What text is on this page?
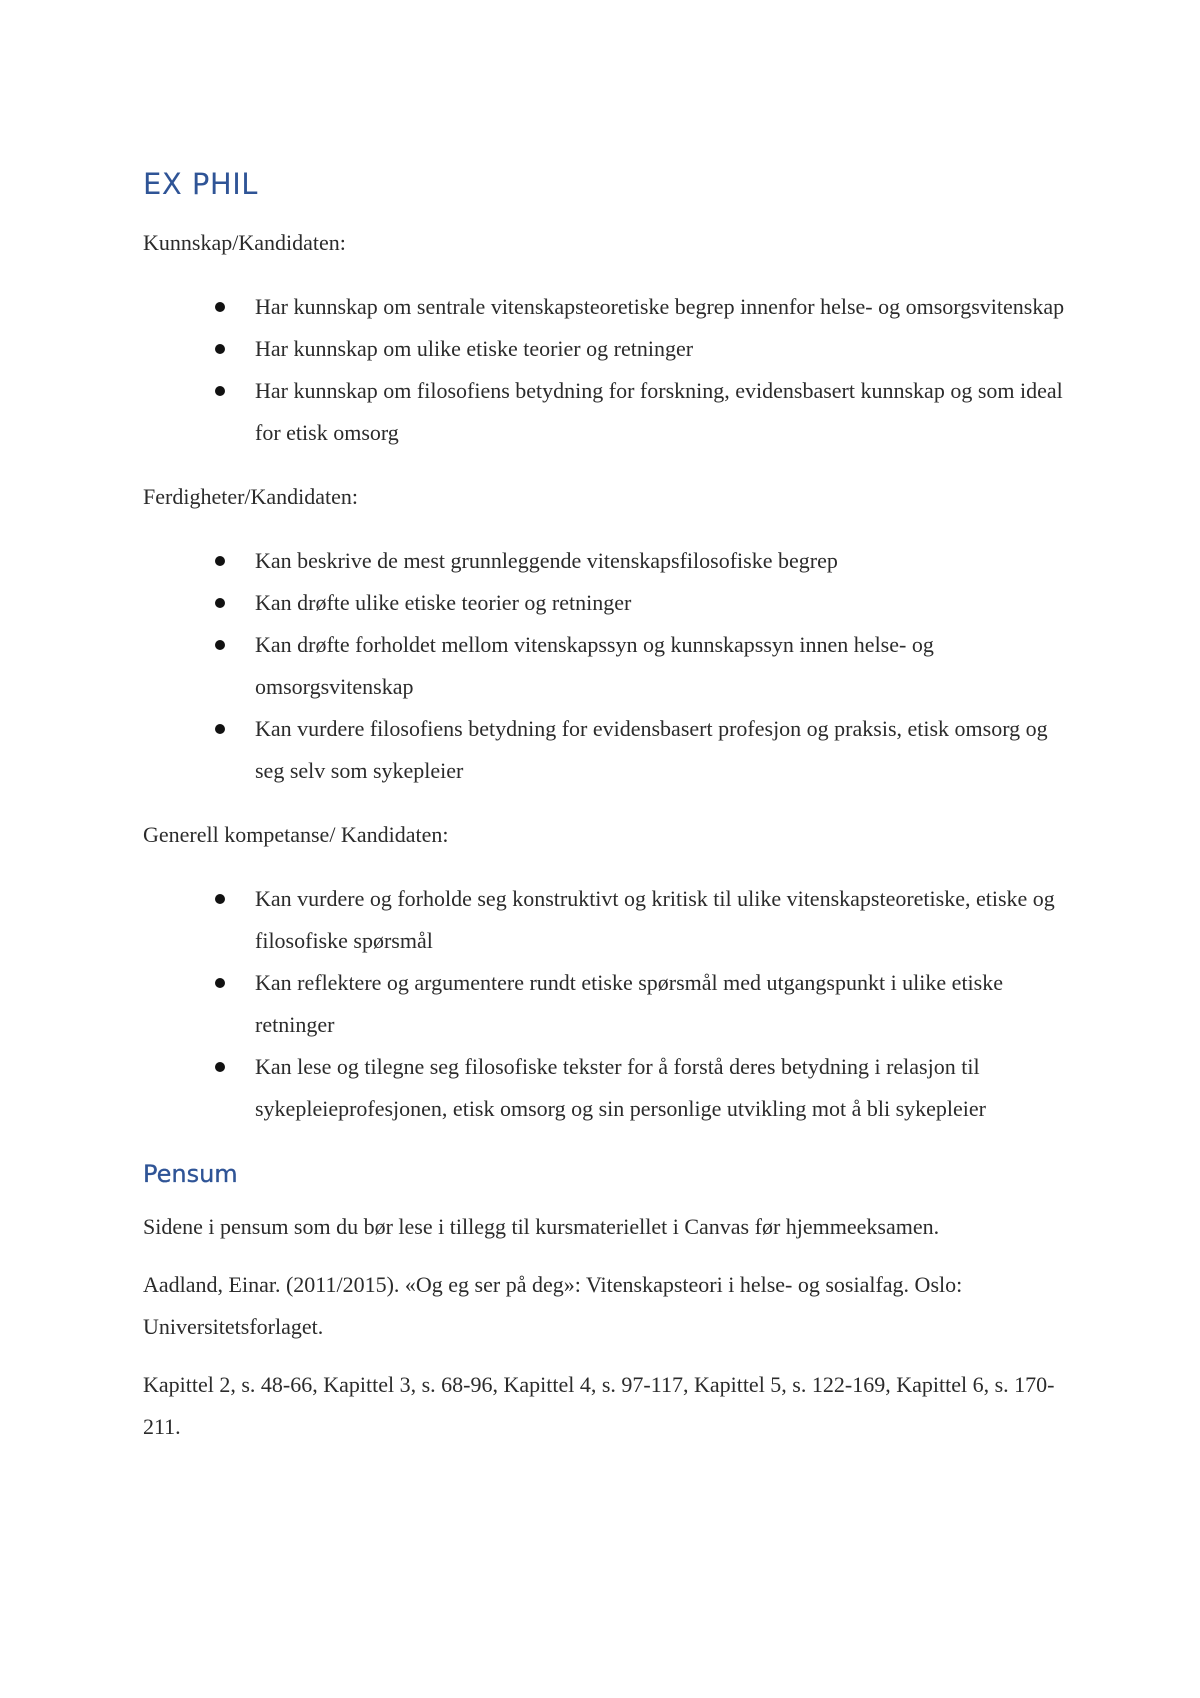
EX PHIL

Kunnskap/Kandidaten:

Har kunnskap om sentrale vitenskapsteoretiske begrep innenfor helse- og omsorgsvitenskap
Har kunnskap om ulike etiske teorier og retninger
Har kunnskap om filosofiens betydning for forskning, evidensbasert kunnskap og som ideal for etisk omsorg

Ferdigheter/Kandidaten:

Kan beskrive de mest grunnleggende vitenskapsfilosofiske begrep
Kan drøfte ulike etiske teorier og retninger
Kan drøfte forholdet mellom vitenskapssyn og kunnskapssyn innen helse- og omsorgsvitenskap
Kan vurdere filosofiens betydning for evidensbasert profesjon og praksis, etisk omsorg og seg selv som sykepleier

Generell kompetanse/ Kandidaten:

Kan vurdere og forholde seg konstruktivt og kritisk til ulike vitenskapsteoretiske, etiske og filosofiske spørsmål
Kan reflektere og argumentere rundt etiske spørsmål med utgangspunkt i ulike etiske retninger
Kan lese og tilegne seg filosofiske tekster for å forstå deres betydning i relasjon til sykepleieprofesjonen, etisk omsorg og sin personlige utvikling mot å bli sykepleier
Pensum

Sidene i pensum som du bør lese i tillegg til kursmateriellet i Canvas før hjemmeeksamen.

Aadland, Einar. (2011/2015). «Og eg ser på deg»: Vitenskapsteori i helse- og sosialfag. Oslo: Universitetsforlaget.

Kapittel 2, s. 48-66, Kapittel 3, s. 68-96, Kapittel 4, s. 97-117, Kapittel 5, s. 122-169, Kapittel 6, s. 170-211.
